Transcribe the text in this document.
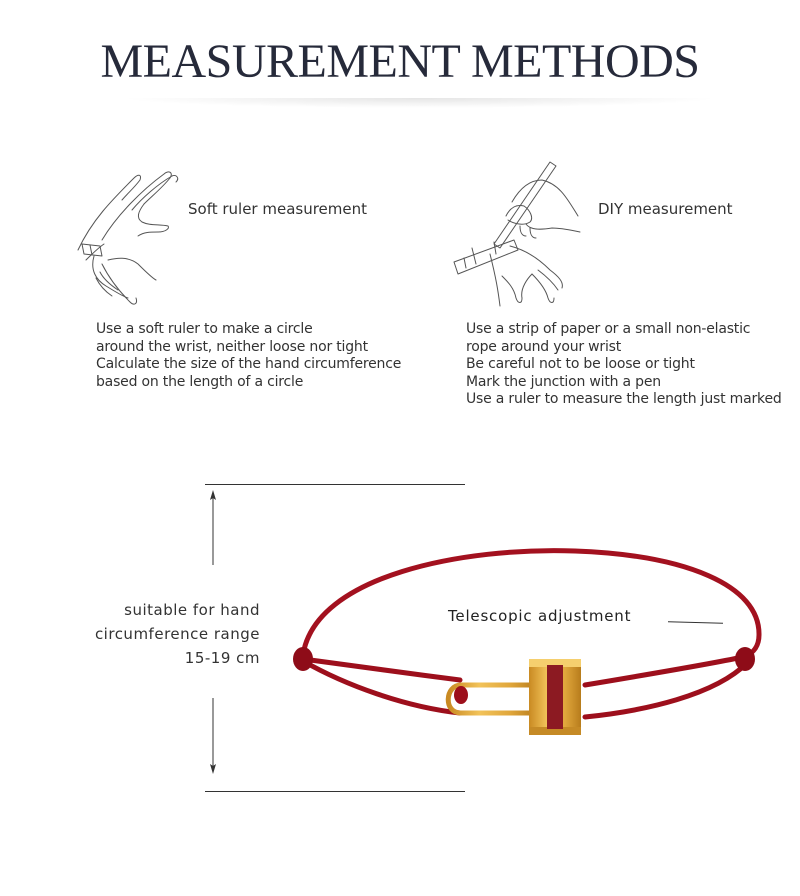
MEASUREMENT METHODS
Soft ruler measurement	DIY measurement
Use a soft ruler to make a circle
around the wrist, neither loose nor tight
Calculate the size of the hand circumference
based on the length of a circle
Use a strip of paper or a small non-elastic
rope around your wrist
Be careful not to be loose or tight
Mark the junction with a pen
Use a ruler to measure the length just marked
suitable for hand
circumference range
15-19 cm
Telescopic adjustment
